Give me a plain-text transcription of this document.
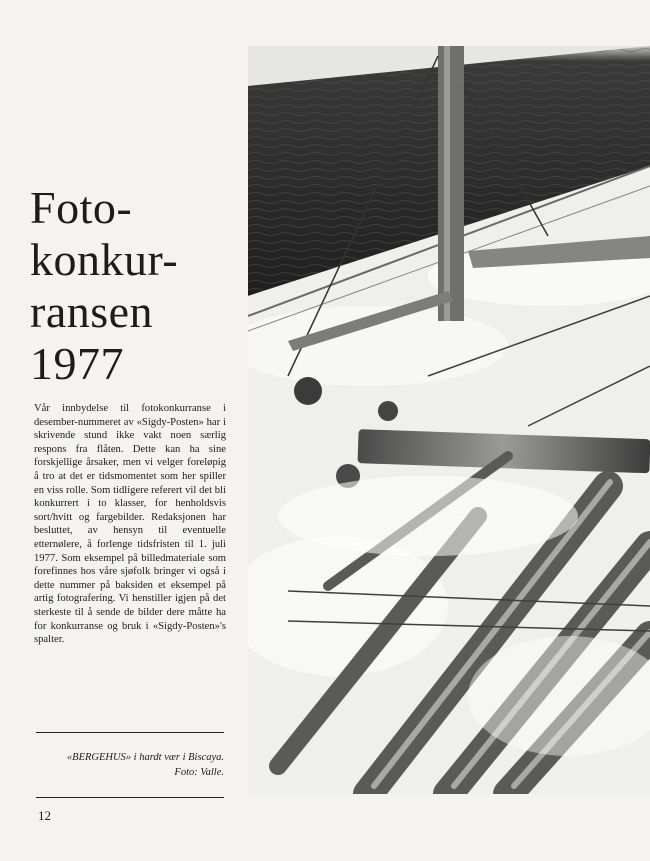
Foto-
konkur-
ransen
1977

Vår innbydelse til fotokonkurranse i desember-nummeret av «Sigdy-Posten» har i skrivende stund ikke vakt noen særlig respons fra flåten. Dette kan ha sine forskjellige årsaker, men vi velger foreløpig å tro at det er tidsmomentet som her spiller en viss rolle. Som tidligere referert vil det bli konkurrert i to klasser, for henholdsvis sort/hvitt og fargebilder. Redaksjonen har besluttet, av hensyn til eventuelle etternølere, å forlenge tidsfristen til 1. juli 1977. Som eksempel på billedmateriale som forefinnes hos våre sjøfolk bringer vi også i dette nummer på baksiden et eksempel på artig fotografering. Vi henstiller igjen på det sterkeste til å sende de bilder dere måtte ha for konkurranse og bruk i «Sigdy-Posten»'s spalter.

«BERGEHUS» i hardt vær i Biscaya.
Foto: Valle.
12
